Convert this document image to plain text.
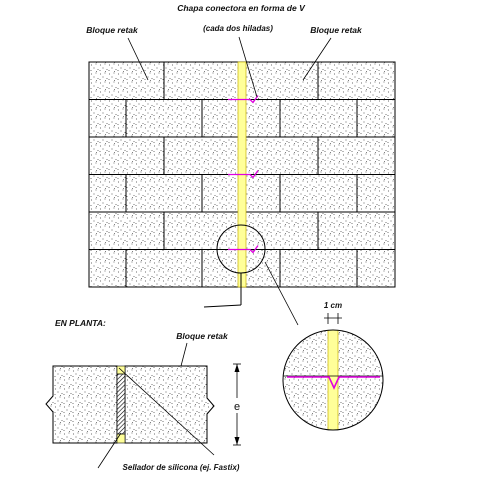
Chapa conectora en forma de V
(cada dos hiladas)
Bloque retak	Bloque retak
1 cm
EN PLANTA:
Bloque retak
Sellador de silicona (ej. Fastix)
e
